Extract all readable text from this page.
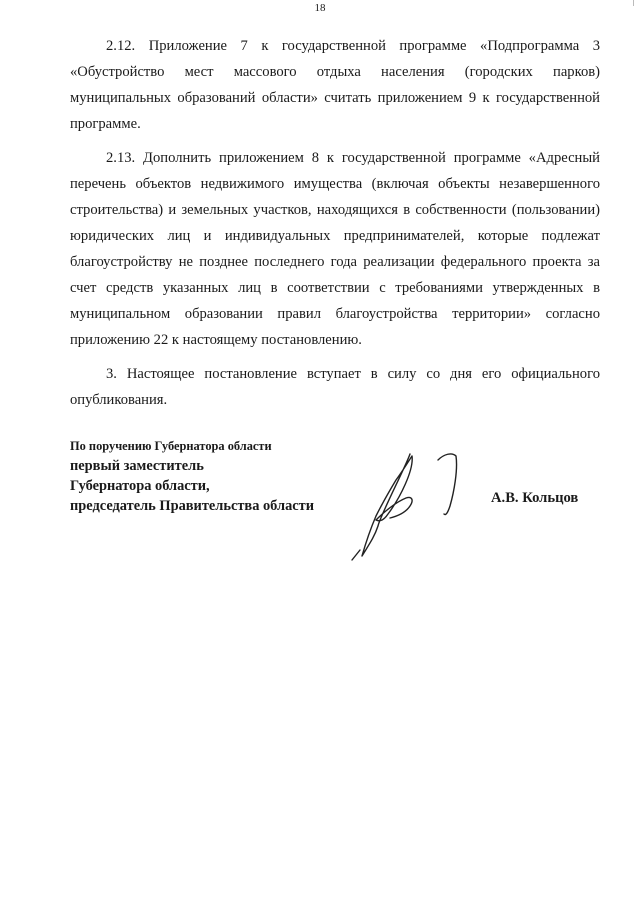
18

2.12. Приложение 7 к государственной программе «Подпрограмма 3 «Обустройство мест массового отдыха населения (городских парков) муниципальных образований области» считать приложением 9 к государственной программе.

2.13. Дополнить приложением 8 к государственной программе «Адресный перечень объектов недвижимого имущества (включая объекты незавершенного строительства) и земельных участков, находящихся в собственности (пользовании) юридических лиц и индивидуальных предпринимателей, которые подлежат благоустройству не позднее последнего года реализации федерального проекта за счет средств указанных лиц в соответствии с требованиями утвержденных в муниципальном образовании правил благоустройства территории» согласно приложению 22 к настоящему постановлению.

3. Настоящее постановление вступает в силу со дня его официального опубликования.

По поручению Губернатора области
первый заместитель
Губернатора области,
председатель Правительства области	А.В. Кольцов
